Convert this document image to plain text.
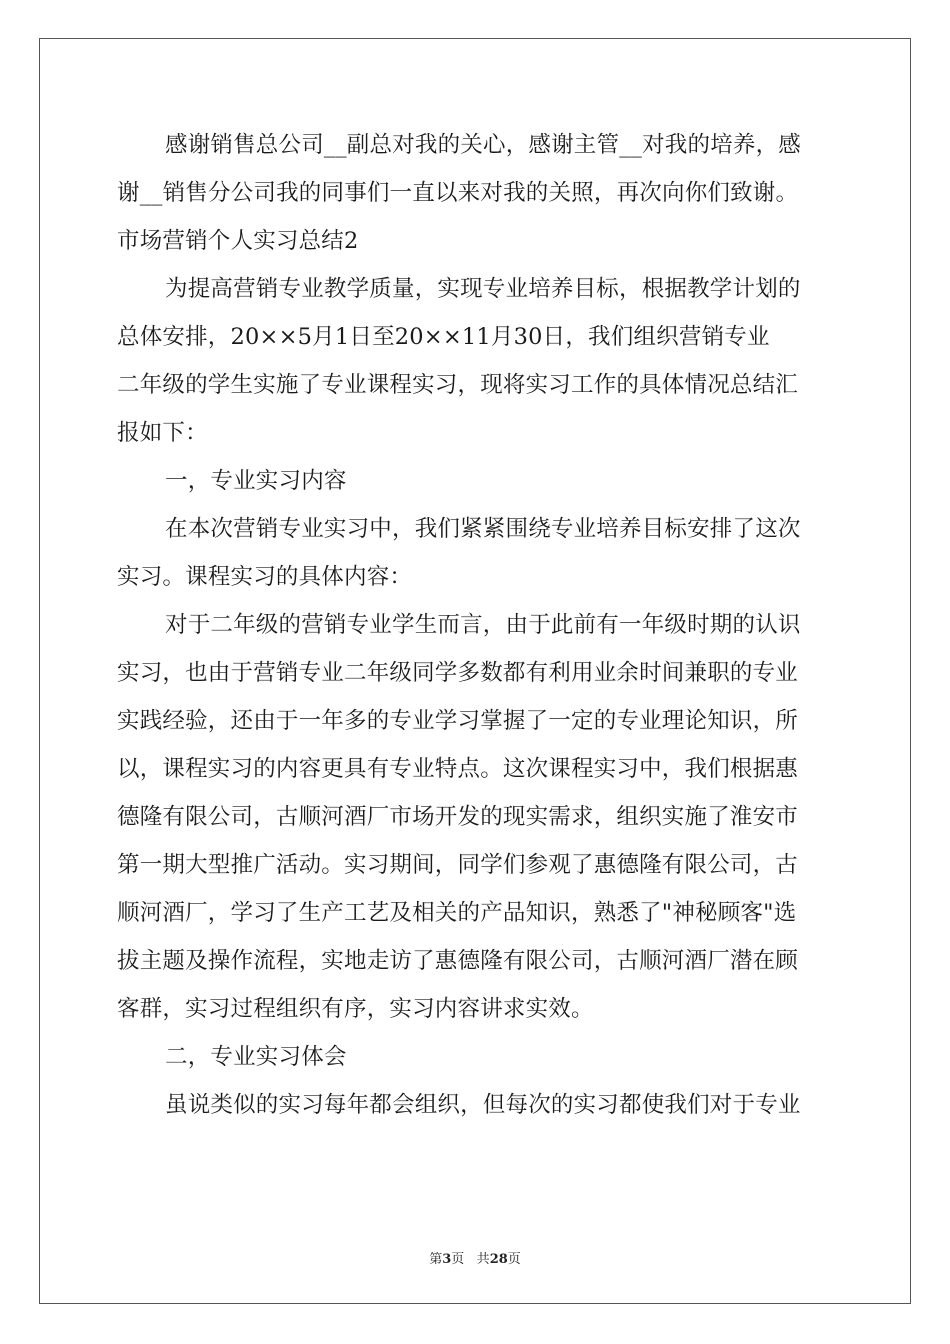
感谢销售总公司__副总对我的关心，感谢主管__对我的培养，感
谢__销售分公司我的同事们一直以来对我的关照，再次向你们致谢。
市场营销个人实习总结2
为提高营销专业教学质量，实现专业培养目标，根据教学计划的
总体安排，20××5月1日至20××11月30日，我们组织营销专业
二年级的学生实施了专业课程实习，现将实习工作的具体情况总结汇
报如下：
一，专业实习内容
在本次营销专业实习中，我们紧紧围绕专业培养目标安排了这次
实习。课程实习的具体内容：
对于二年级的营销专业学生而言，由于此前有一年级时期的认识
实习，也由于营销专业二年级同学多数都有利用业余时间兼职的专业
实践经验，还由于一年多的专业学习掌握了一定的专业理论知识，所
以，课程实习的内容更具有专业特点。这次课程实习中，我们根据惠
德隆有限公司，古顺河酒厂市场开发的现实需求，组织实施了淮安市
第一期大型推广活动。实习期间，同学们参观了惠德隆有限公司，古
顺河酒厂，学习了生产工艺及相关的产品知识，熟悉了"神秘顾客"选
拔主题及操作流程，实地走访了惠德隆有限公司，古顺河酒厂潜在顾
客群，实习过程组织有序，实习内容讲求实效。
二，专业实习体会
虽说类似的实习每年都会组织，但每次的实习都使我们对于专业
第3页 共28页
